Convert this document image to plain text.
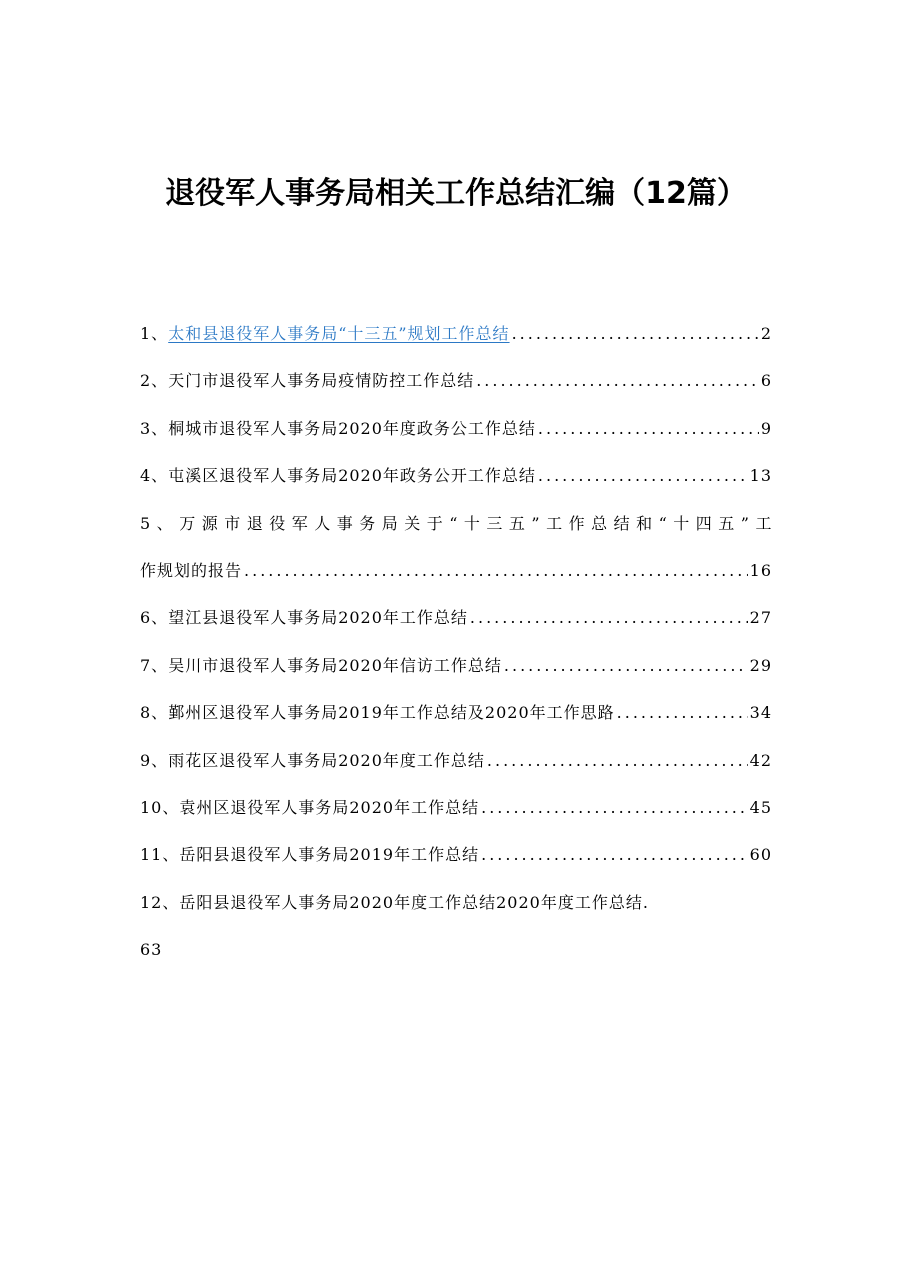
退役军人事务局相关工作总结汇编（12篇）
1、 太和县退役军人事务局“十三五”规划工作总结 .....	2
2、 天门市退役军人事务局疫情防控工作总结 .....	6
3、 桐城市退役军人事务局2020年度政务公工作总结 .....	9
4、 屯溪区退役军人事务局2020年政务公开工作总结 .....	13
5、万源市退役军人事务局关于“十三五”工作总结和“十四五”工
作规划的报告 .....	16
6、 望江县退役军人事务局2020年工作总结 .....	27
7、 吴川市退役军人事务局2020年信访工作总结 .....	29
8、 鄞州区退役军人事务局2019年工作总结及2020年工作思路 .....	34
9、 雨花区退役军人事务局2020年度工作总结 .....	42
10、 袁州区退役军人事务局2020年工作总结 .....	45
11、 岳阳县退役军人事务局2019年工作总结 .....	60
12、 岳阳县退役军人事务局2020年度工作总结2020年度工作总结.
63
